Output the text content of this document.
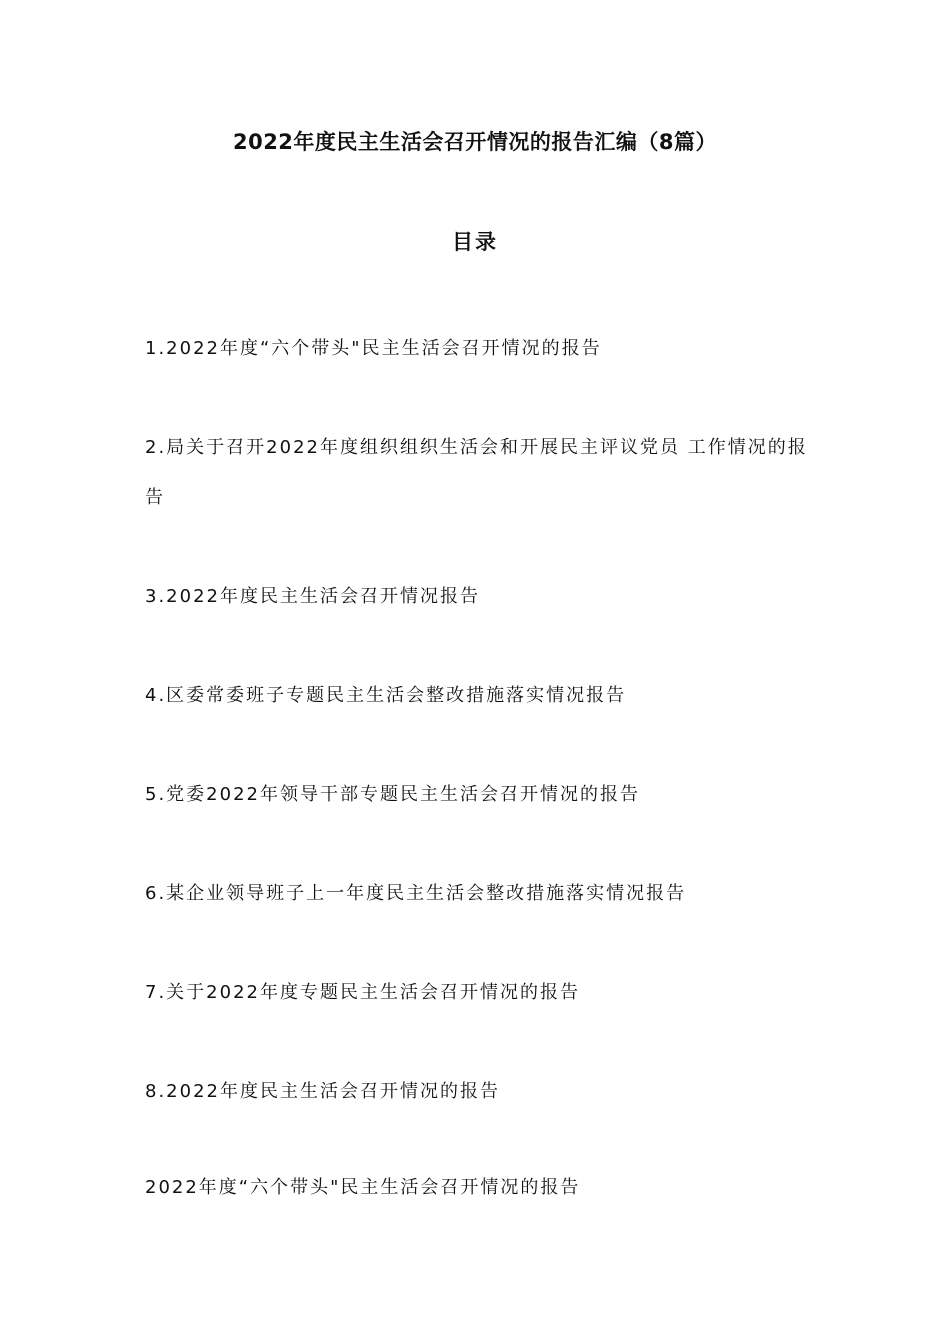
2022年度民主生活会召开情况的报告汇编（8篇）
目录
1.2022年度“六个带头"民主生活会召开情况的报告
2.局关于召开2022年度组织组织生活会和开展民主评议党员 工作情况的报告
3.2022年度民主生活会召开情况报告
4.区委常委班子专题民主生活会整改措施落实情况报告
5.党委2022年领导干部专题民主生活会召开情况的报告
6.某企业领导班子上一年度民主生活会整改措施落实情况报告
7.关于2022年度专题民主生活会召开情况的报告
8.2022年度民主生活会召开情况的报告

2022年度“六个带头"民主生活会召开情况的报告
